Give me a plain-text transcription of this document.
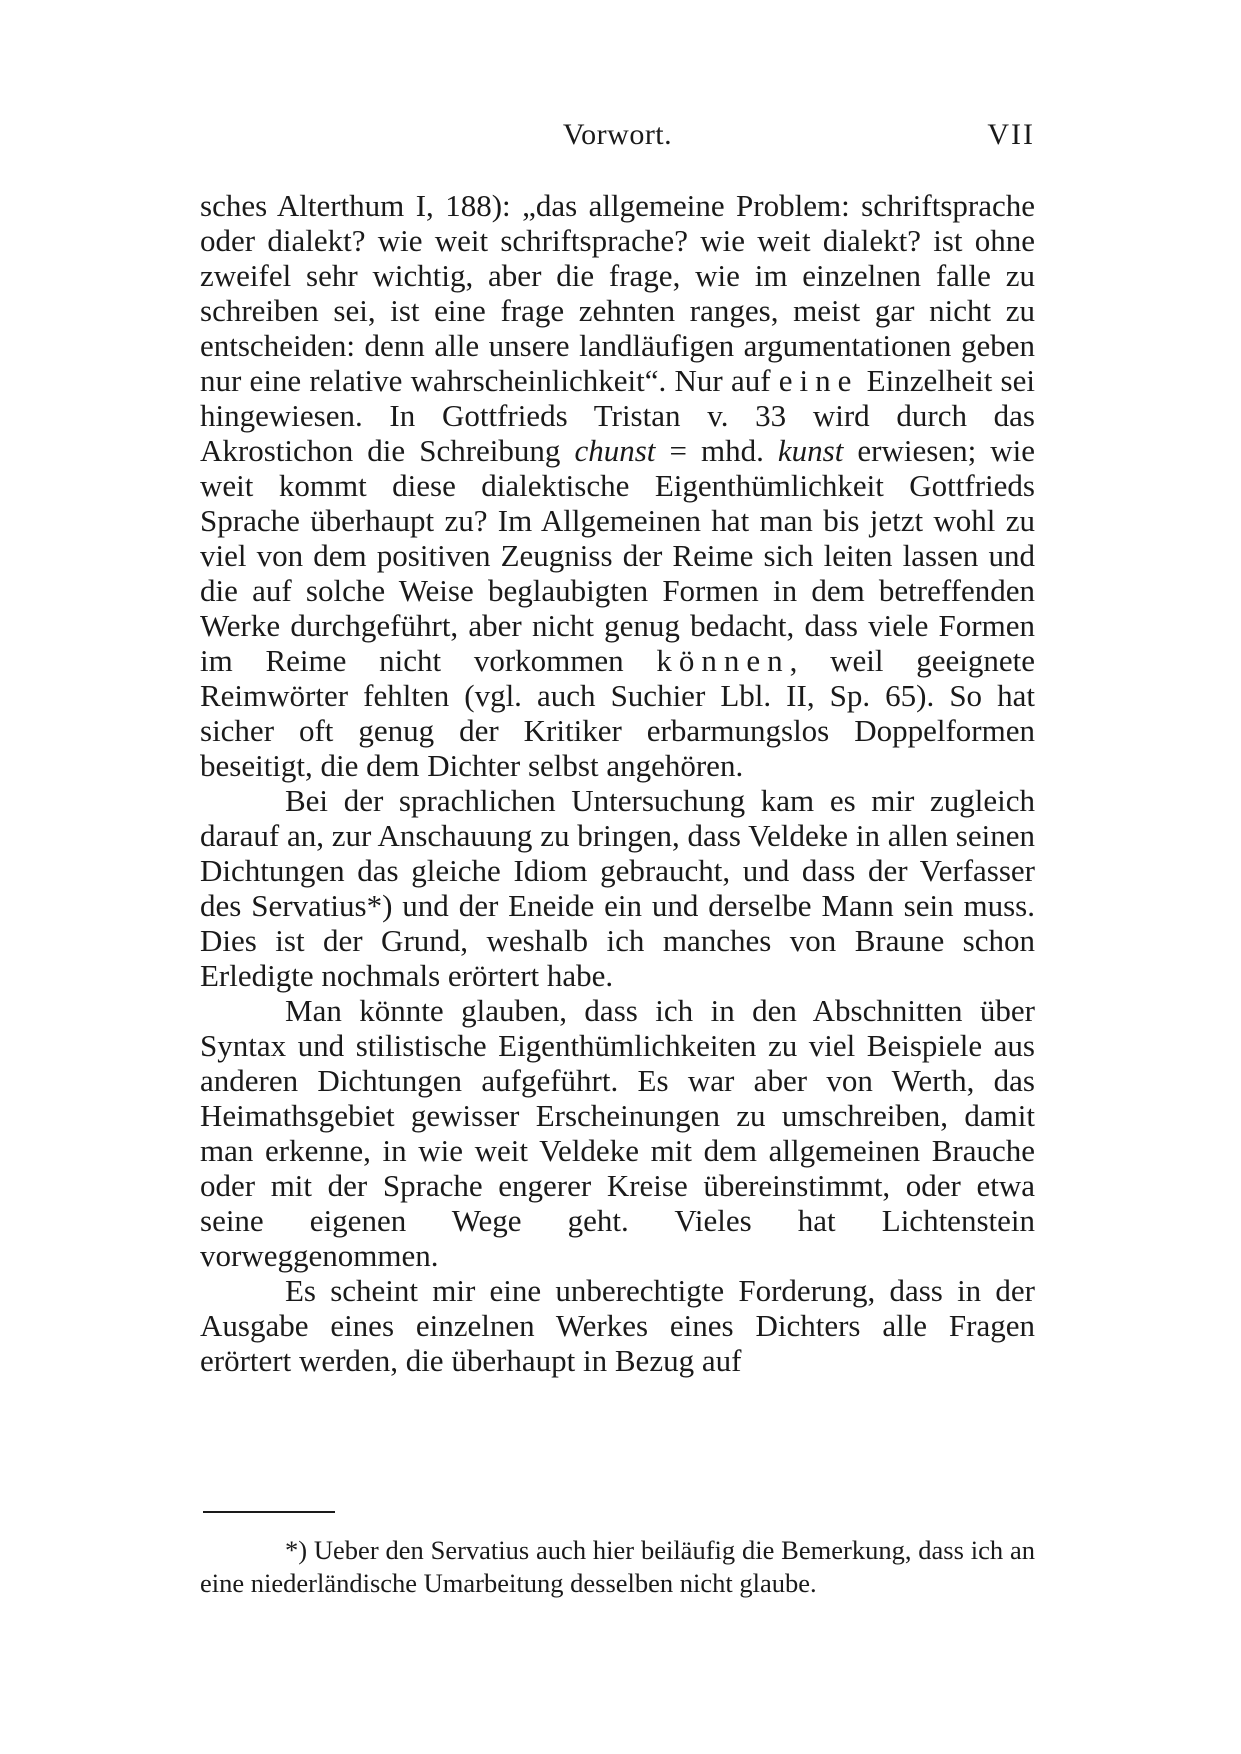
Vorwort.	VII

sches Alterthum I, 188): „das allgemeine Problem: schriftsprache oder dialekt? wie weit schriftsprache? wie weit dialekt? ist ohne zweifel sehr wichtig, aber die frage, wie im einzelnen falle zu schreiben sei, ist eine frage zehnten ranges, meist gar nicht zu entscheiden: denn alle unsere landläufigen argumentationen geben nur eine relative wahrscheinlichkeit“. Nur auf eine Einzelheit sei hingewiesen. In Gottfrieds Tristan v. 33 wird durch das Akrostichon die Schreibung chunst = mhd. kunst erwiesen; wie weit kommt diese dialektische Eigenthümlichkeit Gottfrieds Sprache überhaupt zu? Im Allgemeinen hat man bis jetzt wohl zu viel von dem positiven Zeugniss der Reime sich leiten lassen und die auf solche Weise beglaubigten Formen in dem betreffenden Werke durchgeführt, aber nicht genug bedacht, dass viele Formen im Reime nicht vorkommen können, weil geeignete Reimwörter fehlten (vgl. auch Suchier Lbl. II, Sp. 65). So hat sicher oft genug der Kritiker erbarmungslos Doppelformen beseitigt, die dem Dichter selbst angehören.

Bei der sprachlichen Untersuchung kam es mir zugleich darauf an, zur Anschauung zu bringen, dass Veldeke in allen seinen Dichtungen das gleiche Idiom gebraucht, und dass der Verfasser des Servatius*) und der Eneide ein und derselbe Mann sein muss. Dies ist der Grund, weshalb ich manches von Braune schon Erledigte nochmals erörtert habe.

Man könnte glauben, dass ich in den Abschnitten über Syntax und stilistische Eigenthümlichkeiten zu viel Beispiele aus anderen Dichtungen aufgeführt. Es war aber von Werth, das Heimathsgebiet gewisser Erscheinungen zu umschreiben, damit man erkenne, in wie weit Veldeke mit dem allgemeinen Brauche oder mit der Sprache engerer Kreise übereinstimmt, oder etwa seine eigenen Wege geht. Vieles hat Lichtenstein vorweggenommen.

Es scheint mir eine unberechtigte Forderung, dass in der Ausgabe eines einzelnen Werkes eines Dichters alle Fragen erörtert werden, die überhaupt in Bezug auf

*) Ueber den Servatius auch hier beiläufig die Bemerkung, dass ich an eine niederländische Umarbeitung desselben nicht glaube.
